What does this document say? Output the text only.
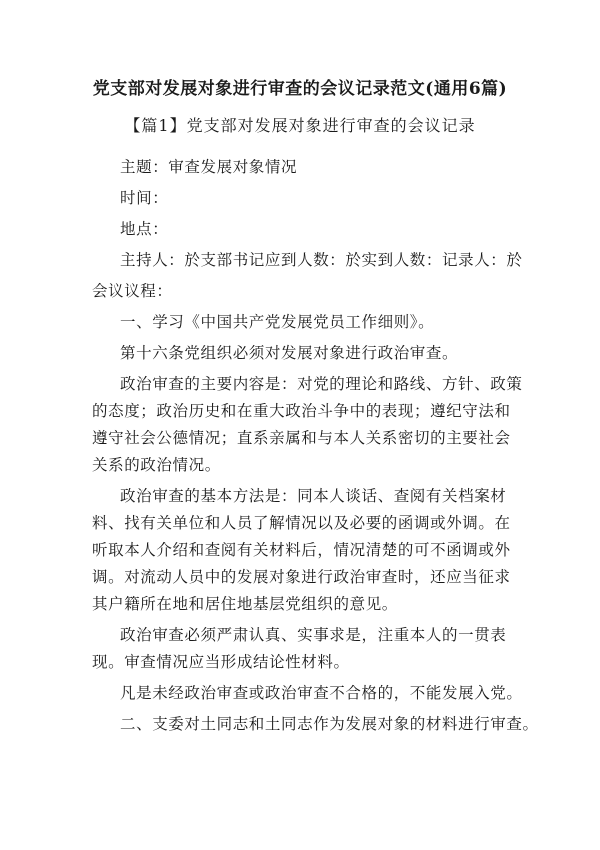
党支部对发展对象进行审查的会议记录范文(通用6篇)
【篇1】党支部对发展对象进行审查的会议记录

主题：审查发展对象情况

时间：

地点：

主持人：於支部书记应到人数：於实到人数：记录人：於

会议议程：

一、学习《中国共产党发展党员工作细则》。

第十六条党组织必须对发展对象进行政治审查。

政治审查的主要内容是：对党的理论和路线、方针、政策的态度；政治历史和在重大政治斗争中的表现；遵纪守法和遵守社会公德情况；直系亲属和与本人关系密切的主要社会关系的政治情况。

政治审查的基本方法是：同本人谈话、查阅有关档案材料、找有关单位和人员了解情况以及必要的函调或外调。在听取本人介绍和查阅有关材料后，情况清楚的可不函调或外调。对流动人员中的发展对象进行政治审查时，还应当征求其户籍所在地和居住地基层党组织的意见。

政治审查必须严肃认真、实事求是，注重本人的一贯表现。审查情况应当形成结论性材料。

凡是未经政治审查或政治审查不合格的，不能发展入党。

二、支委对土同志和土同志作为发展对象的材料进行审查。
